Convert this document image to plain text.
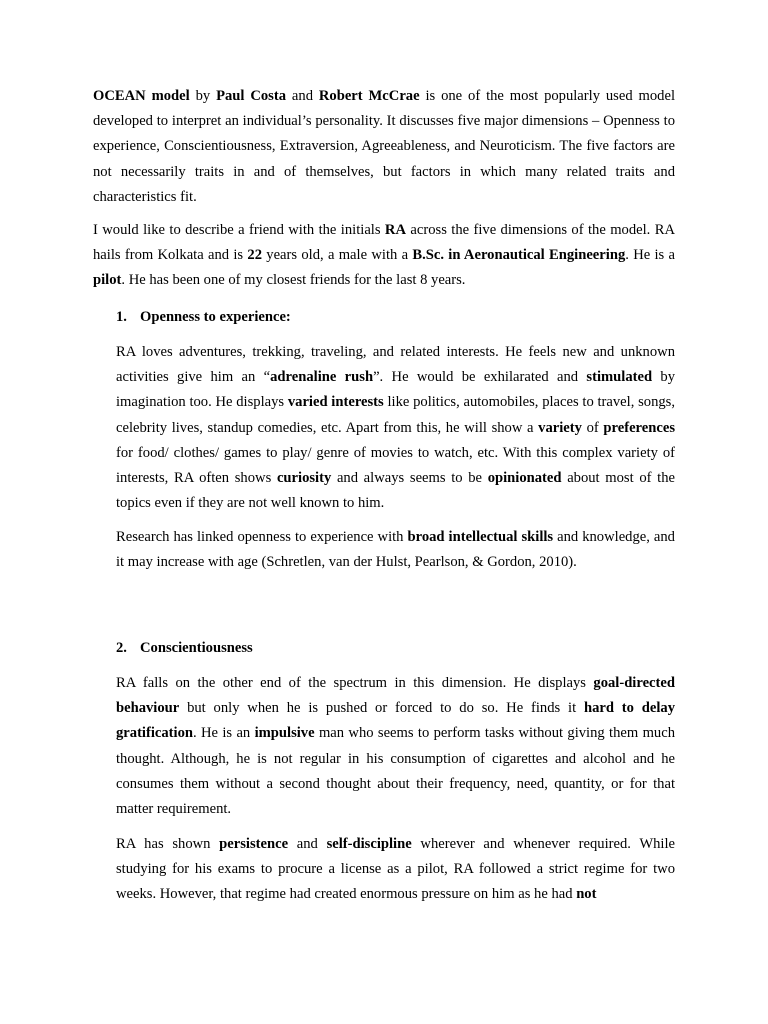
OCEAN model by Paul Costa and Robert McCrae is one of the most popularly used model developed to interpret an individual’s personality. It discusses five major dimensions – Openness to experience, Conscientiousness, Extraversion, Agreeableness, and Neuroticism. The five factors are not necessarily traits in and of themselves, but factors in which many related traits and characteristics fit.

I would like to describe a friend with the initials RA across the five dimensions of the model. RA hails from Kolkata and is 22 years old, a male with a B.Sc. in Aeronautical Engineering. He is a pilot. He has been one of my closest friends for the last 8 years.

1. Openness to experience:

RA loves adventures, trekking, traveling, and related interests. He feels new and unknown activities give him an “adrenaline rush”. He would be exhilarated and stimulated by imagination too. He displays varied interests like politics, automobiles, places to travel, songs, celebrity lives, standup comedies, etc. Apart from this, he will show a variety of preferences for food/ clothes/ games to play/ genre of movies to watch, etc. With this complex variety of interests, RA often shows curiosity and always seems to be opinionated about most of the topics even if they are not well known to him.

Research has linked openness to experience with broad intellectual skills and knowledge, and it may increase with age (Schretlen, van der Hulst, Pearlson, & Gordon, 2010).

2. Conscientiousness

RA falls on the other end of the spectrum in this dimension. He displays goal-directed behaviour but only when he is pushed or forced to do so. He finds it hard to delay gratification. He is an impulsive man who seems to perform tasks without giving them much thought. Although, he is not regular in his consumption of cigarettes and alcohol and he consumes them without a second thought about their frequency, need, quantity, or for that matter requirement.

RA has shown persistence and self-discipline wherever and whenever required. While studying for his exams to procure a license as a pilot, RA followed a strict regime for two weeks. However, that regime had created enormous pressure on him as he had not
